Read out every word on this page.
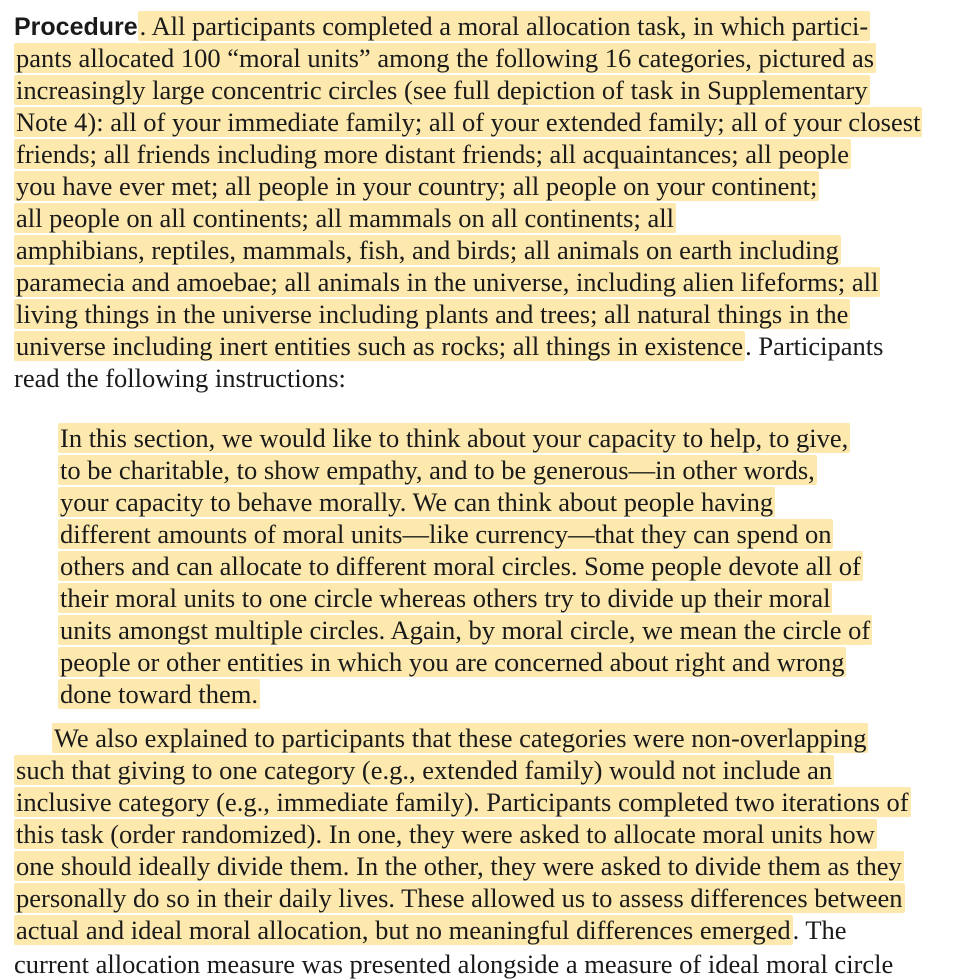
Procedure. All participants completed a moral allocation task, in which partici-
pants allocated 100 “moral units” among the following 16 categories, pictured as
increasingly large concentric circles (see full depiction of task in Supplementary
Note 4): all of your immediate family; all of your extended family; all of your closest
friends; all friends including more distant friends; all acquaintances; all people
you have ever met; all people in your country; all people on your continent;
all people on all continents; all mammals on all continents; all
amphibians, reptiles, mammals, fish, and birds; all animals on earth including
paramecia and amoebae; all animals in the universe, including alien lifeforms; all
living things in the universe including plants and trees; all natural things in the
universe including inert entities such as rocks; all things in existence. Participants
read the following instructions:
In this section, we would like to think about your capacity to help, to give,
to be charitable, to show empathy, and to be generous—in other words,
your capacity to behave morally. We can think about people having
different amounts of moral units—like currency—that they can spend on
others and can allocate to different moral circles. Some people devote all of
their moral units to one circle whereas others try to divide up their moral
units amongst multiple circles. Again, by moral circle, we mean the circle of
people or other entities in which you are concerned about right and wrong
done toward them.
We also explained to participants that these categories were non-overlapping
such that giving to one category (e.g., extended family) would not include an
inclusive category (e.g., immediate family). Participants completed two iterations of
this task (order randomized). In one, they were asked to allocate moral units how
one should ideally divide them. In the other, they were asked to divide them as they
personally do so in their daily lives. These allowed us to assess differences between
actual and ideal moral allocation, but no meaningful differences emerged. The
current allocation measure was presented alongside a measure of ideal moral circle
